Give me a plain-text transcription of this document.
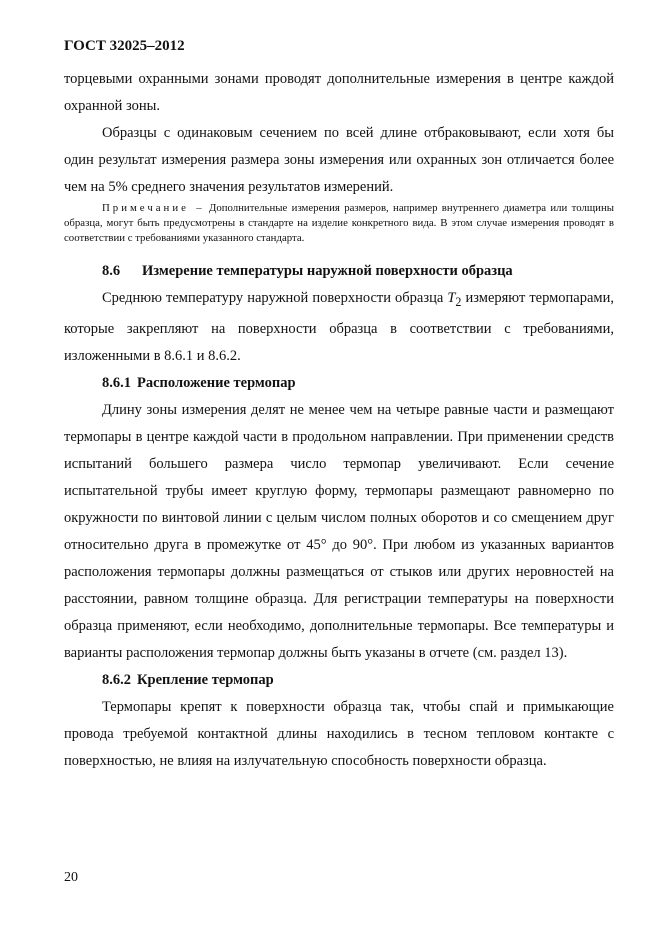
ГОСТ 32025–2012

торцевыми охранными зонами проводят дополнительные измерения в центре каждой охранной зоны.

Образцы с одинаковым сечением по всей длине отбраковывают, если хотя бы один результат измерения размера зоны измерения или охранных зон отличается более чем на 5% среднего значения результатов измерений.

Примечание – Дополнительные измерения размеров, например внутреннего диаметра или толщины образца, могут быть предусмотрены в стандарте на изделие конкретного вида. В этом случае измерения проводят в соответствии с требованиями указанного стандарта.

8.6 Измерение температуры наружной поверхности образца

Среднюю температуру наружной поверхности образца $T_2$ измеряют термопарами, которые закрепляют на поверхности образца в соответствии с требованиями, изложенными в 8.6.1 и 8.6.2.

8.6.1 Расположение термопар

Длину зоны измерения делят не менее чем на четыре равные части и размещают термопары в центре каждой части в продольном направлении. При применении средств испытаний большего размера число термопар увеличивают. Если сечение испытательной трубы имеет круглую форму, термопары размещают равномерно по окружности по винтовой линии с целым числом полных оборотов и со смещением друг относительно друга в промежутке от 45° до 90°. При любом из указанных вариантов расположения термопары должны размещаться от стыков или других неровностей на расстоянии, равном толщине образца. Для регистрации температуры на поверхности образца применяют, если необходимо, дополнительные термопары. Все температуры и варианты расположения термопар должны быть указаны в отчете (см. раздел 13).

8.6.2 Крепление термопар

Термопары крепят к поверхности образца так, чтобы спай и примыкающие провода требуемой контактной длины находились в тесном тепловом контакте с поверхностью, не влияя на излучательную способность поверхности образца.

20
